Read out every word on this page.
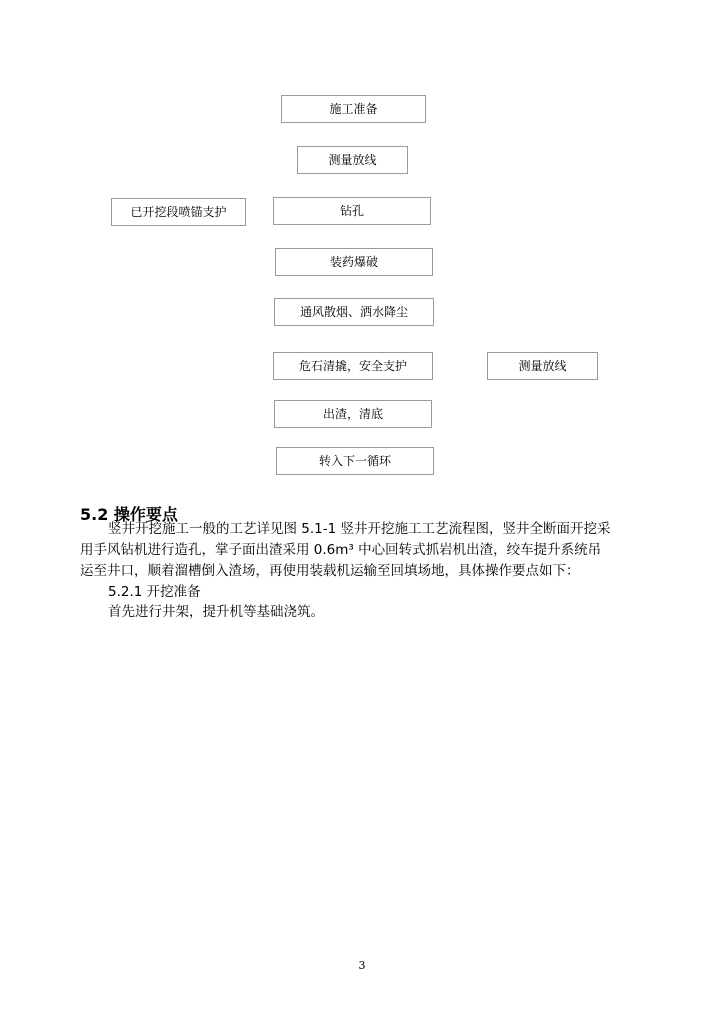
施工准备
测量放线
已开挖段喷锚支护	钻孔
装药爆破
通风散烟、洒水降尘
危石清撬，安全支护	测量放线
出渣，清底
转入下一循环
5.2 操作要点
竖井开挖施工一般的工艺详见图 5.1-1 竖井开挖施工工艺流程图，竖井全断面开挖采
用手风钻机进行造孔，掌子面出渣采用 0.6m³ 中心回转式抓岩机出渣，绞车提升系统吊
运至井口，顺着溜槽倒入渣场，再使用装载机运输至回填场地，具体操作要点如下：
5.2.1 开挖准备
首先进行井架，提升机等基础浇筑。
3
